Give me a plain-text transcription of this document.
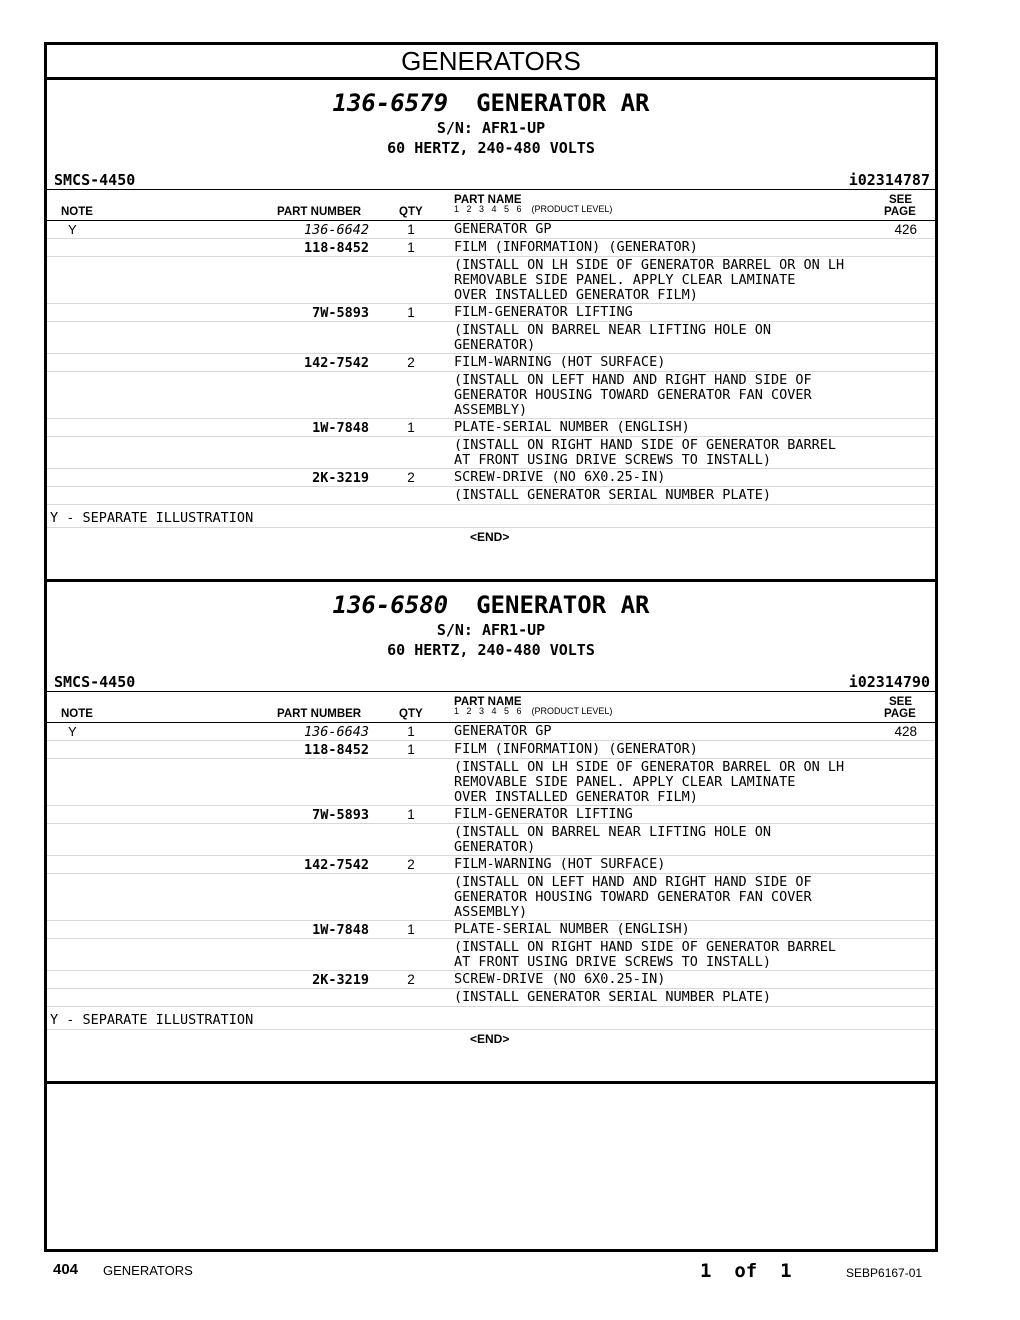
GENERATORS
136-6579 GENERATOR AR
S/N: AFR1-UP
60 HERTZ, 240-480 VOLTS
SMCS-4450	i02314787
NOTE	PART NUMBER	QTY
PART NAME
1   2   3   4   5   6    (PRODUCT LEVEL)
SEE
PAGE
Y	136-6642	1	GENERATOR GP	426
118-8452	1	FILM (INFORMATION) (GENERATOR)
(INSTALL ON LH SIDE OF GENERATOR BARREL OR ON LH
REMOVABLE SIDE PANEL. APPLY CLEAR LAMINATE
OVER INSTALLED GENERATOR FILM)
7W-5893	1	FILM-GENERATOR LIFTING
(INSTALL ON BARREL NEAR LIFTING HOLE ON
GENERATOR)
142-7542	2	FILM-WARNING (HOT SURFACE)
(INSTALL ON LEFT HAND AND RIGHT HAND SIDE OF
GENERATOR HOUSING TOWARD GENERATOR FAN COVER
ASSEMBLY)
1W-7848	1	PLATE-SERIAL NUMBER (ENGLISH)
(INSTALL ON RIGHT HAND SIDE OF GENERATOR BARREL
AT FRONT USING DRIVE SCREWS TO INSTALL)
2K-3219	2	SCREW-DRIVE (NO 6X0.25-IN)
(INSTALL GENERATOR SERIAL NUMBER PLATE)
Y - SEPARATE ILLUSTRATION
<END>
136-6580 GENERATOR AR
S/N: AFR1-UP
60 HERTZ, 240-480 VOLTS
SMCS-4450	i02314790
NOTE	PART NUMBER	QTY
PART NAME
1   2   3   4   5   6    (PRODUCT LEVEL)
SEE
PAGE
Y	136-6643	1	GENERATOR GP	428
118-8452	1	FILM (INFORMATION) (GENERATOR)
(INSTALL ON LH SIDE OF GENERATOR BARREL OR ON LH
REMOVABLE SIDE PANEL. APPLY CLEAR LAMINATE
OVER INSTALLED GENERATOR FILM)
7W-5893	1	FILM-GENERATOR LIFTING
(INSTALL ON BARREL NEAR LIFTING HOLE ON
GENERATOR)
142-7542	2	FILM-WARNING (HOT SURFACE)
(INSTALL ON LEFT HAND AND RIGHT HAND SIDE OF
GENERATOR HOUSING TOWARD GENERATOR FAN COVER
ASSEMBLY)
1W-7848	1	PLATE-SERIAL NUMBER (ENGLISH)
(INSTALL ON RIGHT HAND SIDE OF GENERATOR BARREL
AT FRONT USING DRIVE SCREWS TO INSTALL)
2K-3219	2	SCREW-DRIVE (NO 6X0.25-IN)
(INSTALL GENERATOR SERIAL NUMBER PLATE)
Y - SEPARATE ILLUSTRATION
<END>
404 GENERATORS	1  of  1	SEBP6167-01
